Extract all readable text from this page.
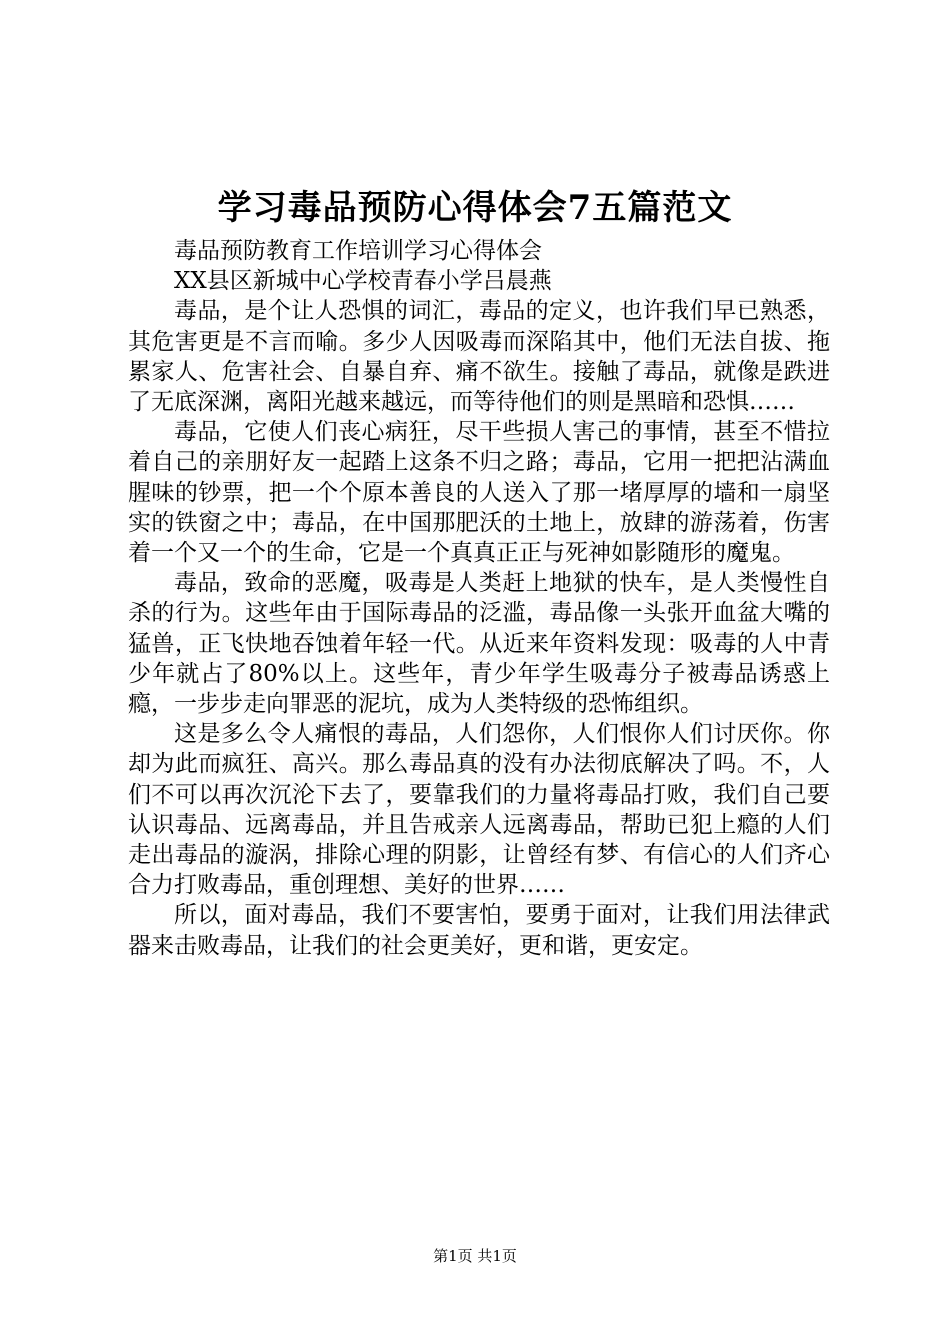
学习毒品预防心得体会7五篇范文

毒品预防教育工作培训学习心得体会

XX县区新城中心学校青春小学吕晨燕

毒品，是个让人恐惧的词汇，毒品的定义，也许我们早已熟悉，其危害更是不言而喻。多少人因吸毒而深陷其中，他们无法自拔、拖累家人、危害社会、自暴自弃、痛不欲生。接触了毒品，就像是跌进了无底深渊，离阳光越来越远，而等待他们的则是黑暗和恐惧……

毒品，它使人们丧心病狂，尽干些损人害己的事情，甚至不惜拉着自己的亲朋好友一起踏上这条不归之路；毒品，它用一把把沾满血腥味的钞票，把一个个原本善良的人送入了那一堵厚厚的墙和一扇坚实的铁窗之中；毒品，在中国那肥沃的土地上，放肆的游荡着，伤害着一个又一个的生命，它是一个真真正正与死神如影随形的魔鬼。

毒品，致命的恶魔，吸毒是人类赶上地狱的快车，是人类慢性自杀的行为。这些年由于国际毒品的泛滥，毒品像一头张开血盆大嘴的猛兽，正飞快地吞蚀着年轻一代。从近来年资料发现：吸毒的人中青少年就占了80%以上。这些年，青少年学生吸毒分子被毒品诱惑上瘾，一步步走向罪恶的泥坑，成为人类特级的恐怖组织。

这是多么令人痛恨的毒品，人们怨你，人们恨你人们讨厌你。你却为此而疯狂、高兴。那么毒品真的没有办法彻底解决了吗。不，人们不可以再次沉沦下去了，要靠我们的力量将毒品打败，我们自己要认识毒品、远离毒品，并且告戒亲人远离毒品，帮助已犯上瘾的人们走出毒品的漩涡，排除心理的阴影，让曾经有梦、有信心的人们齐心合力打败毒品，重创理想、美好的世界……

所以，面对毒品，我们不要害怕，要勇于面对，让我们用法律武器来击败毒品，让我们的社会更美好，更和谐，更安定。

第1页 共1页
